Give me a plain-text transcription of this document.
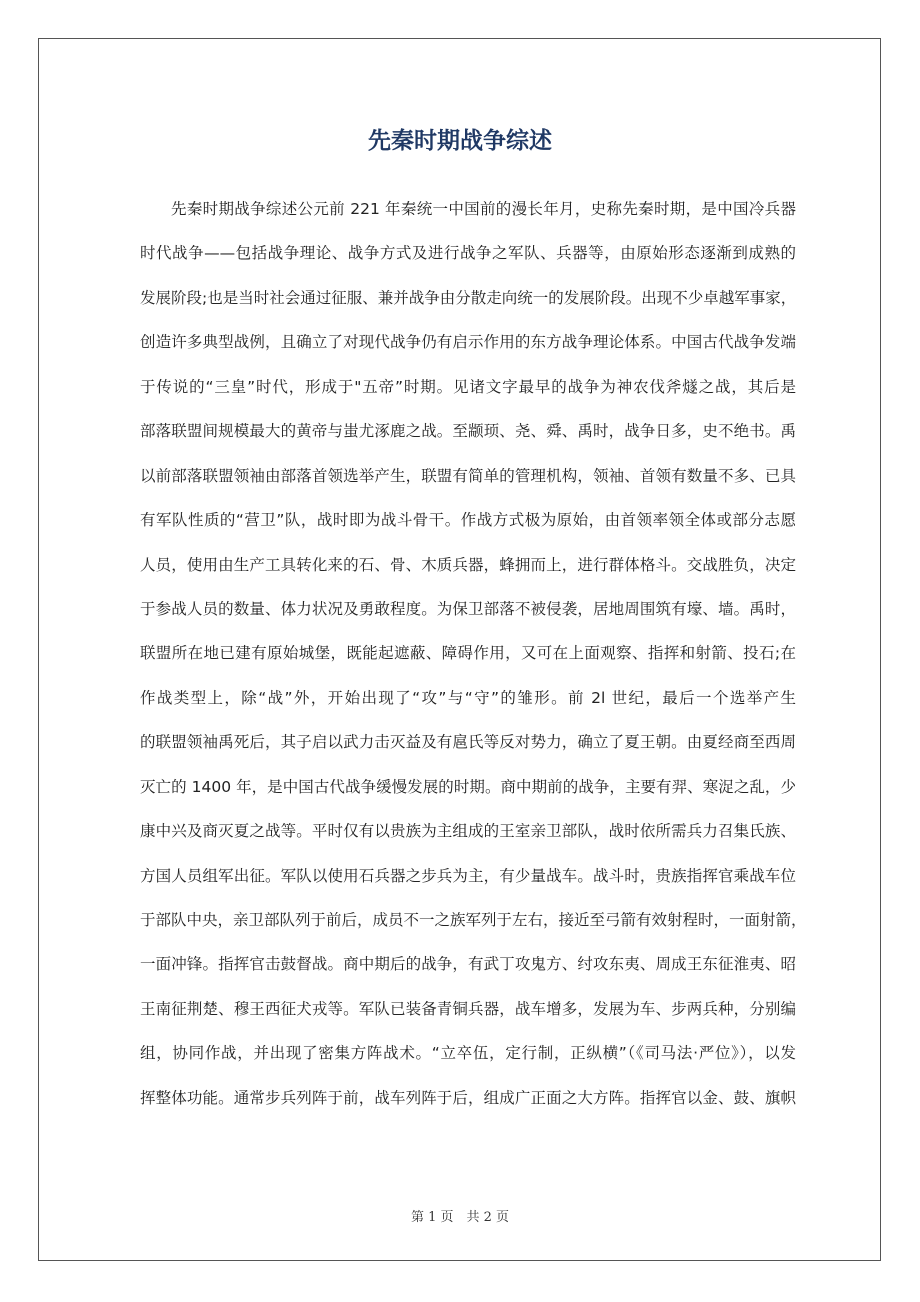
先秦时期战争综述
先秦时期战争综述公元前 221 年秦统一中国前的漫长年月，史称先秦时期，是中国冷兵器
时代战争——包括战争理论、战争方式及进行战争之军队、兵器等，由原始形态逐渐到成熟的
发展阶段;也是当时社会通过征服、兼并战争由分散走向统一的发展阶段。出现不少卓越军事家，
创造许多典型战例，且确立了对现代战争仍有启示作用的东方战争理论体系。中国古代战争发端
于传说的“三皇”时代，形成于"五帝”时期。见诸文字最早的战争为神农伐斧燧之战，其后是
部落联盟间规模最大的黄帝与蚩尤涿鹿之战。至颛顼、尧、舜、禹时，战争日多，史不绝书。禹
以前部落联盟领袖由部落首领选举产生，联盟有简单的管理机构，领袖、首领有数量不多、已具
有军队性质的“营卫”队，战时即为战斗骨干。作战方式极为原始，由首领率领全体或部分志愿
人员，使用由生产工具转化来的石、骨、木质兵器，蜂拥而上，进行群体格斗。交战胜负，决定
于参战人员的数量、体力状况及勇敢程度。为保卫部落不被侵袭，居地周围筑有壕、墙。禹时，
联盟所在地已建有原始城堡，既能起遮蔽、障碍作用，又可在上面观察、指挥和射箭、投石;在
作战类型上，除“战”外，开始出现了“攻”与“守”的雏形。前 2l 世纪，最后一个选举产生
的联盟领袖禹死后，其子启以武力击灭益及有扈氏等反对势力，确立了夏王朝。由夏经商至西周
灭亡的 1400 年，是中国古代战争缓慢发展的时期。商中期前的战争，主要有羿、寒浞之乱，少
康中兴及商灭夏之战等。平时仅有以贵族为主组成的王室亲卫部队，战时依所需兵力召集氏族、
方国人员组军出征。军队以使用石兵器之步兵为主，有少量战车。战斗时，贵族指挥官乘战车位
于部队中央，亲卫部队列于前后，成员不一之族军列于左右，接近至弓箭有效射程时，一面射箭，
一面冲锋。指挥官击鼓督战。商中期后的战争，有武丁攻鬼方、纣攻东夷、周成王东征淮夷、昭
王南征荆楚、穆王西征犬戎等。军队已装备青铜兵器，战车增多，发展为车、步两兵种，分别编
组，协同作战，并出现了密集方阵战术。“立卒伍，定行制，正纵横”（《司马法·严位》），以发
挥整体功能。通常步兵列阵于前，战车列阵于后，组成广正面之大方阵。指挥官以金、鼓、旗帜
第 1 页　共 2 页
